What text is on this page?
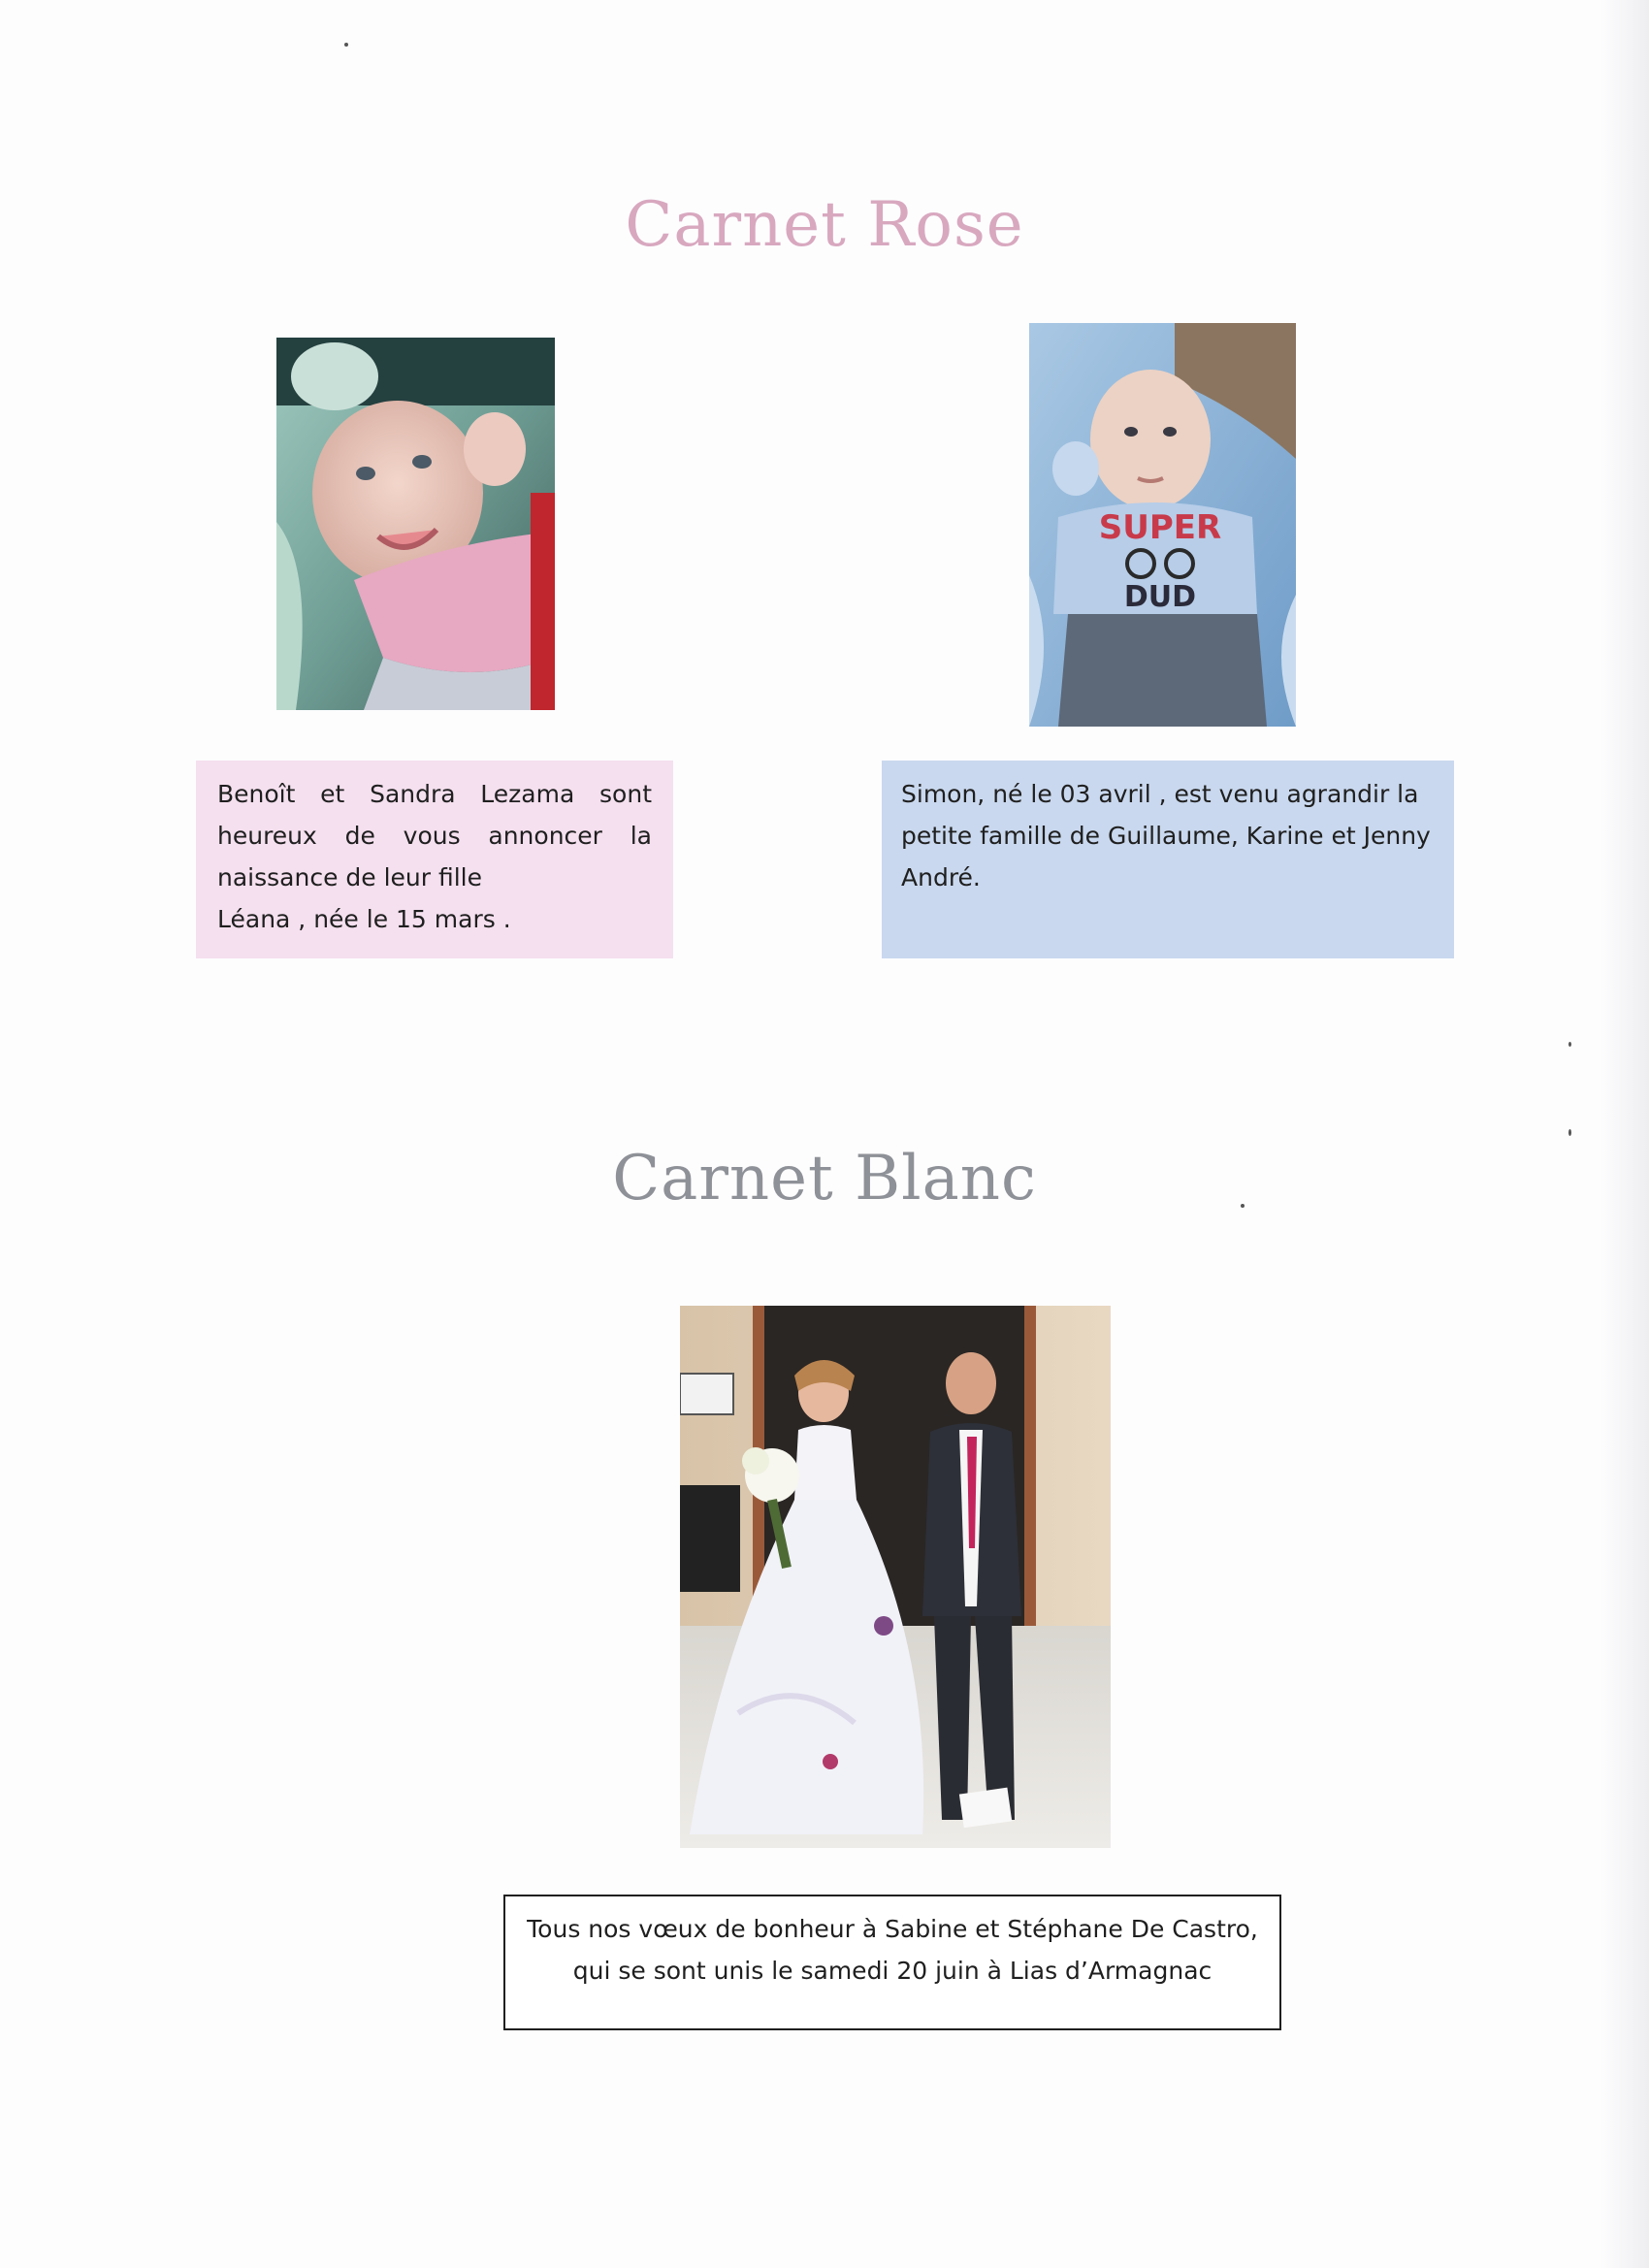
Carnet Rose
SUPER
DUD
Benoît et Sandra Lezama sont
heureux de vous annoncer la
naissance de leur fille
Léana , née le 15 mars .
Simon, né le 03 avril , est venu agrandir la
petite famille de Guillaume, Karine et Jenny
André.
Carnet Blanc
Tous nos vœux de bonheur à Sabine et Stéphane De Castro,
qui se sont unis le samedi 20 juin à Lias d’Armagnac
